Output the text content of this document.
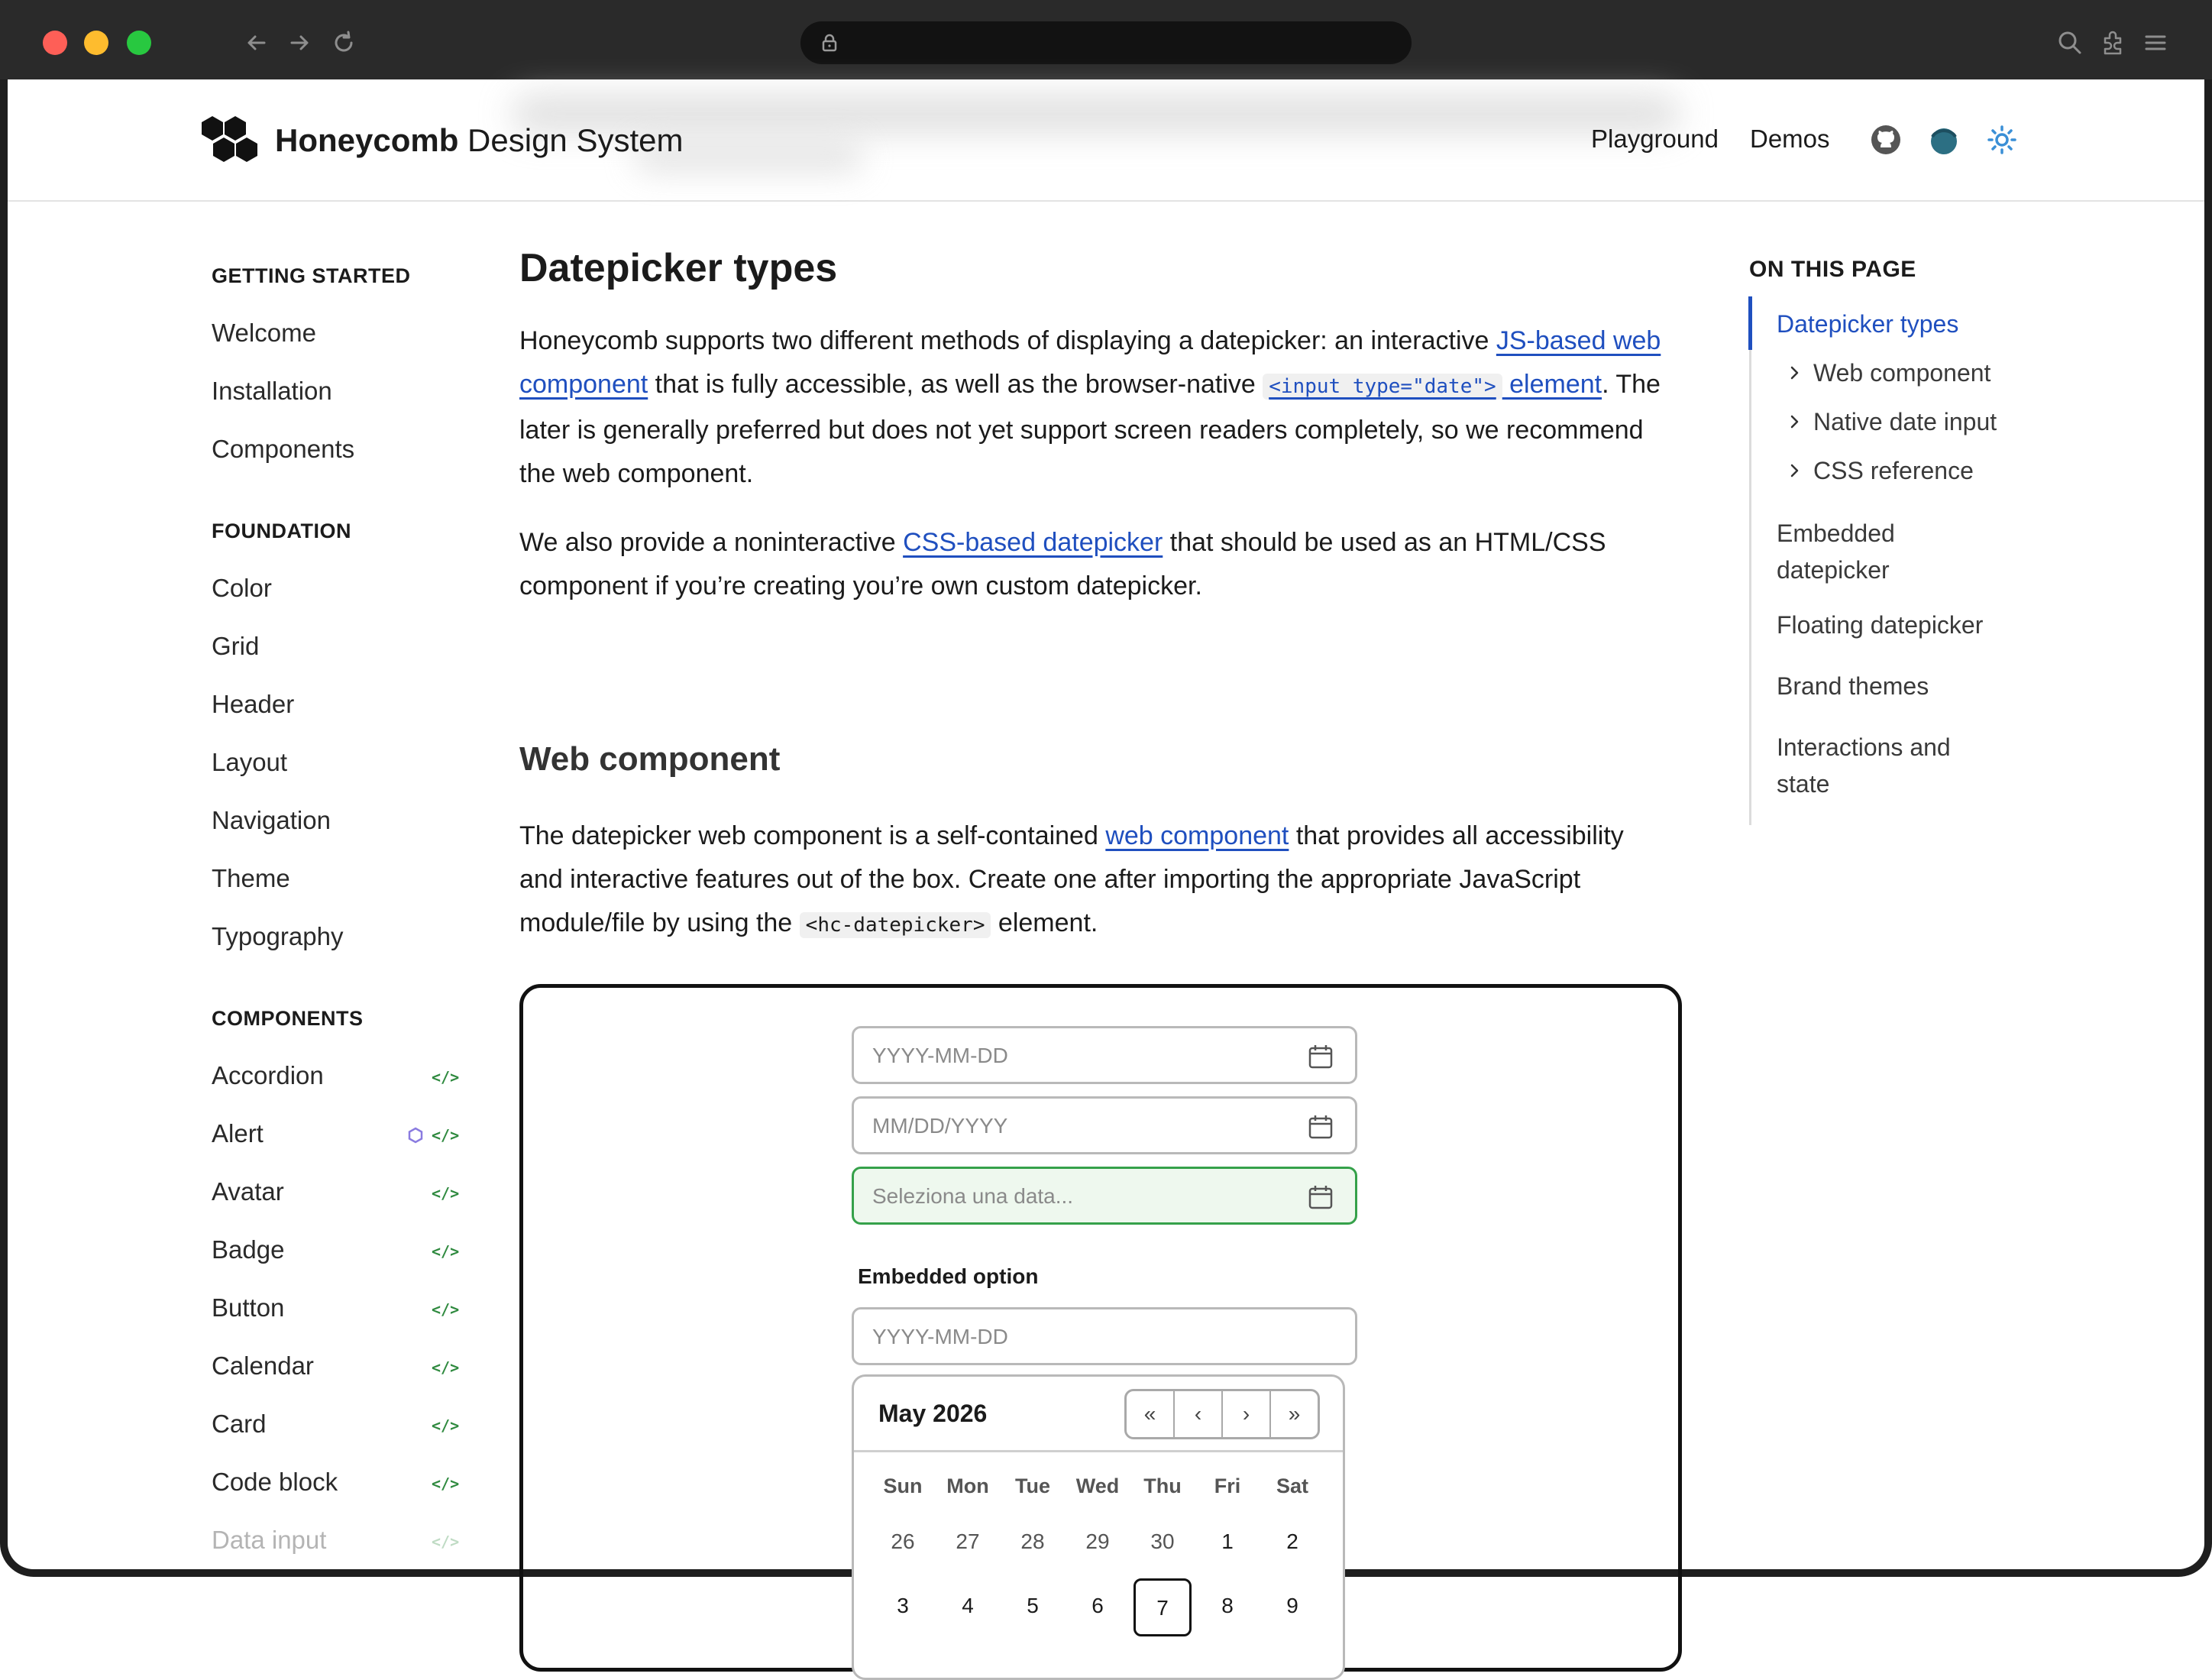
Honeycomb Design System	Playground Demos
GETTING STARTED
Welcome
Installation
Components
FOUNDATION
Color
Grid
Header
Layout
Navigation
Theme
Typography
COMPONENTS
Accordion	</>
Alert	</>
Avatar	</>
Badge	</>
Button	</>
Calendar	</>
Card	</>
Code block	</>
Data input	</>
Datepicker types

Honeycomb supports two different methods of displaying a datepicker: an interactive JS-based web component that is fully accessible, as well as the browser-native <input type="date"> element. The later is generally preferred but does not yet support screen readers completely, so we recommend the web component.

We also provide a noninteractive CSS-based datepicker that should be used as an HTML/CSS component if you’re creating you’re own custom datepicker.

Web component

The datepicker web component is a self-contained web component that provides all accessibility and interactive features out of the box. Create one after importing the appropriate JavaScript module/file by using the <hc-datepicker> element.

YYYY-MM-DD
MM/DD/YYYY
Seleziona una data...
Embedded option
YYYY-MM-DD
May 2026	«	‹	›	»
Sun	Mon	Tue	Wed	Thu	Fri	Sat
26	27	28	29	30	1	2
3	4	5	6	7	8	9
ON THIS PAGE
Datepicker types
Web component
Native date input
CSS reference
Embedded datepicker
Floating datepicker
Brand themes
Interactions and state
